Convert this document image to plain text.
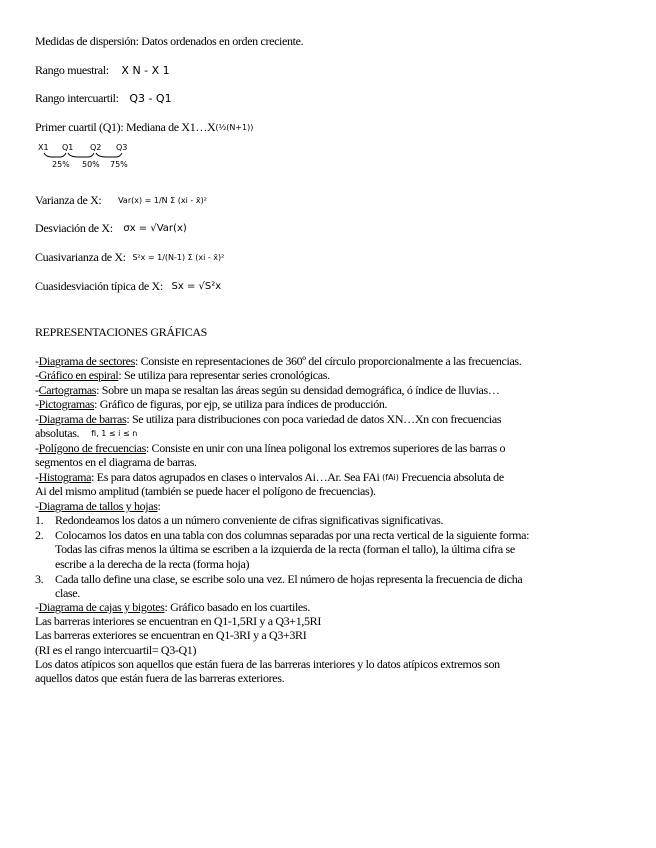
Medidas de dispersión: Datos ordenados en orden creciente.
Rango muestral: X N - X 1
Rango intercuartil: Q3 - Q1
Primer cuartil (Q1): Mediana de X1…X(½(N+1))
X1 Q1 Q2 Q3
25% 50% 75%
Varianza de X: Var(x) = 1/N Σ (xi - x̄)²
Desviación de X: σx = √Var(x)
Cuasivarianza de X: S²x = 1/(N-1) Σ (xi - x̄)²
Cuasidesviación típica de X: Sx = √S²x
REPRESENTACIONES GRÁFICAS
-Diagrama de sectores: Consiste en representaciones de 360º del círculo proporcionalmente a las frecuencias.
-Gráfico en espiral: Se utiliza para representar series cronológicas.
-Cartogramas: Sobre un mapa se resaltan las áreas según su densidad demográfica, ó índice de lluvias…
-Pictogramas: Gráfico de figuras, por ejp, se utiliza para índices de producción.
-Diagrama de barras: Se utiliza para distribuciones con poca variedad de datos XN…Xn con frecuencias
absolutas. fi, 1 ≤ i ≤ n
-Polígono de frecuencias: Consiste en unir con una línea poligonal los extremos superiores de las barras o
segmentos en el diagrama de barras.
-Histograma: Es para datos agrupados en clases o intervalos Ai…Ar. Sea FAi (fAi) Frecuencia absoluta de
Ai del mismo amplitud (también se puede hacer el polígono de frecuencias).
-Diagrama de tallos y hojas:
1. Redondeamos los datos a un número conveniente de cifras significativas significativas.
2. Colocamos los datos en una tabla con dos columnas separadas por una recta vertical de la siguiente forma:
Todas las cifras menos la última se escriben a la izquierda de la recta (forman el tallo), la última cifra se
escribe a la derecha de la recta (forma hoja)
3. Cada tallo define una clase, se escribe solo una vez. El número de hojas representa la frecuencia de dicha
clase.
-Diagrama de cajas y bigotes: Gráfico basado en los cuartiles.
Las barreras interiores se encuentran en Q1-1,5RI y a Q3+1,5RI
Las barreras exteriores se encuentran en Q1-3RI y a Q3+3RI
(RI es el rango intercuartil= Q3-Q1)
Los datos atípicos son aquellos que están fuera de las barreras interiores y lo datos atípicos extremos son
aquellos datos que están fuera de las barreras exteriores.
